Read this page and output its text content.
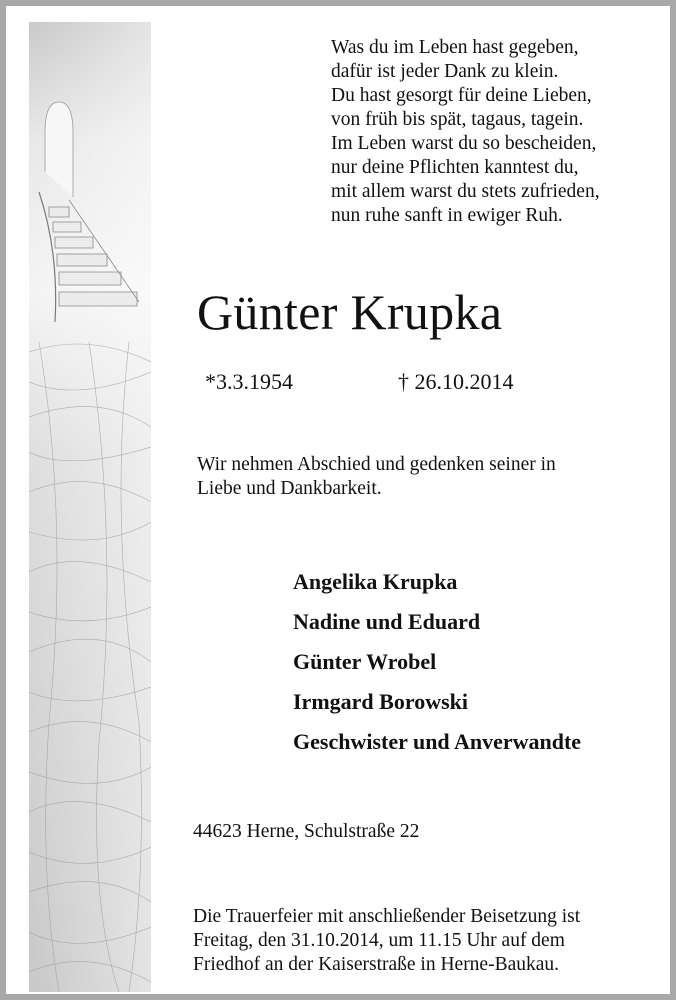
Was du im Leben hast gegeben,
dafür ist jeder Dank zu klein.
Du hast gesorgt für deine Lieben,
von früh bis spät, tagaus, tagein.
Im Leben warst du so bescheiden,
nur deine Pflichten kanntest du,
mit allem warst du stets zufrieden,
nun ruhe sanft in ewiger Ruh.
Günter Krupka
*3.3.1954	† 26.10.2014
Wir nehmen Abschied und gedenken seiner in
Liebe und Dankbarkeit.
Angelika Krupka
Nadine und Eduard
Günter Wrobel
Irmgard Borowski
Geschwister und Anverwandte
44623 Herne, Schulstraße 22
Die Trauerfeier mit anschließender Beisetzung ist
Freitag, den 31.10.2014, um 11.15 Uhr auf dem
Friedhof an der Kaiserstraße in Herne-Baukau.
